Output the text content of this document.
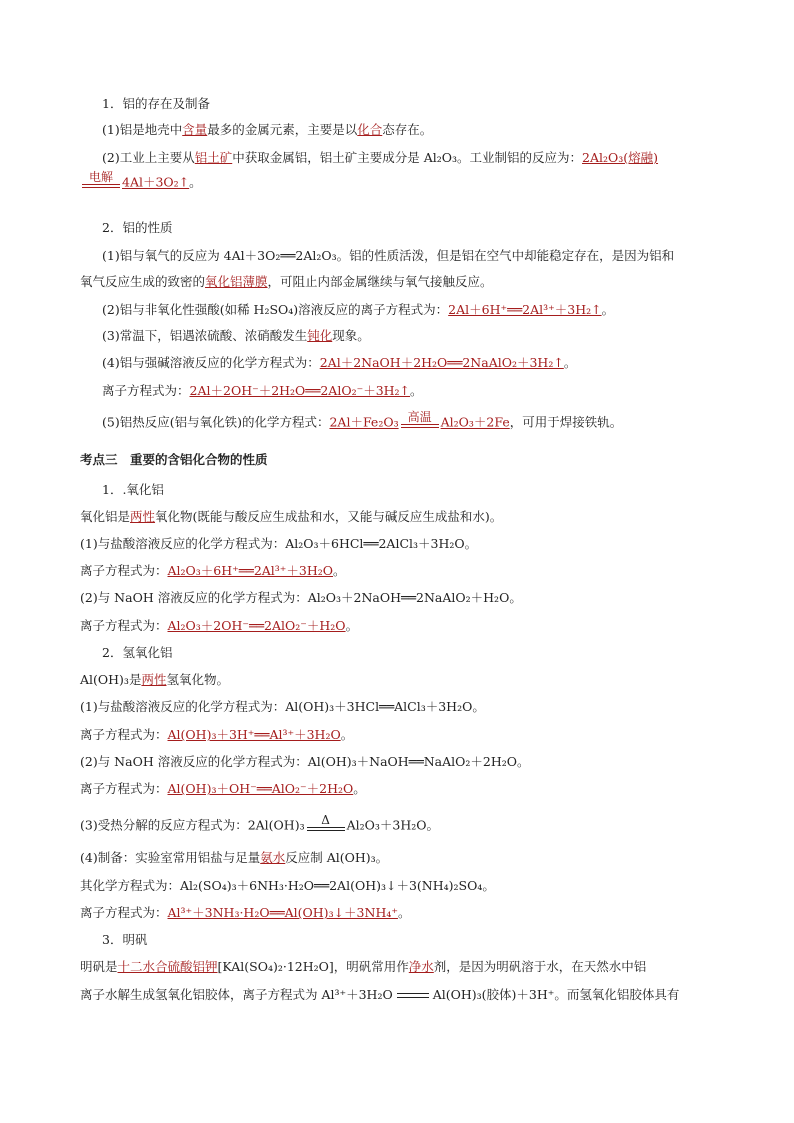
1．铝的存在及制备
(1)铝是地壳中含量最多的金属元素，主要是以化合态存在。
(2)工业上主要从铝土矿中获取金属铝，铝土矿主要成分是 Al₂O₃。工业制铝的反应为：2Al₂O₃(熔融)
电解 4Al＋3O₂↑。
2．铝的性质
(1)铝与氧气的反应为 4Al＋3O₂══2Al₂O₃。铝的性质活泼，但是铝在空气中却能稳定存在，是因为铝和
氧气反应生成的致密的氧化铝薄膜，可阻止内部金属继续与氧气接触反应。
(2)铝与非氧化性强酸(如稀 H₂SO₄)溶液反应的离子方程式为：2Al＋6H⁺══2Al³⁺＋3H₂↑。
(3)常温下，铝遇浓硫酸、浓硝酸发生钝化现象。
(4)铝与强碱溶液反应的化学方程式为：2Al＋2NaOH＋2H₂O══2NaAlO₂＋3H₂↑。
离子方程式为：2Al＋2OH⁻＋2H₂O══2AlO₂⁻＋3H₂↑。
(5)铝热反应(铝与氧化铁)的化学方程式：2Al＋Fe₂O₃ 高温 Al₂O₃＋2Fe，可用于焊接铁轨。
考点三　重要的含铝化合物的性质
1．.氧化铝
氧化铝是两性氧化物(既能与酸反应生成盐和水，又能与碱反应生成盐和水)。
(1)与盐酸溶液反应的化学方程式为：Al₂O₃＋6HCl══2AlCl₃＋3H₂O。
离子方程式为：Al₂O₃＋6H⁺══2Al³⁺＋3H₂O。
(2)与 NaOH 溶液反应的化学方程式为：Al₂O₃＋2NaOH══2NaAlO₂＋H₂O。
离子方程式为：Al₂O₃＋2OH⁻══2AlO₂⁻＋H₂O。
2．氢氧化铝
Al(OH)₃是两性氢氧化物。
(1)与盐酸溶液反应的化学方程式为：Al(OH)₃＋3HCl══AlCl₃＋3H₂O。
离子方程式为：Al(OH)₃＋3H⁺══Al³⁺＋3H₂O。
(2)与 NaOH 溶液反应的化学方程式为：Al(OH)₃＋NaOH══NaAlO₂＋2H₂O。
离子方程式为：Al(OH)₃＋OH⁻══AlO₂⁻＋2H₂O。
(3)受热分解的反应方程式为：2Al(OH)₃	Δ	Al₂O₃＋3H₂O。
(4)制备：实验室常用铝盐与足量氨水反应制 Al(OH)₃。
其化学方程式为：Al₂(SO₄)₃＋6NH₃·H₂O══2Al(OH)₃↓＋3(NH₄)₂SO₄。
离子方程式为：Al³⁺＋3NH₃·H₂O══Al(OH)₃↓＋3NH₄⁺。
3．明矾
明矾是十二水合硫酸铝钾[KAl(SO₄)₂·12H₂O]，明矾常用作净水剂，是因为明矾溶于水，在天然水中铝
离子水解生成氢氧化铝胶体，离子方程式为 Al³⁺＋3H₂O	Al(OH)₃(胶体)＋3H⁺。而氢氧化铝胶体具有
